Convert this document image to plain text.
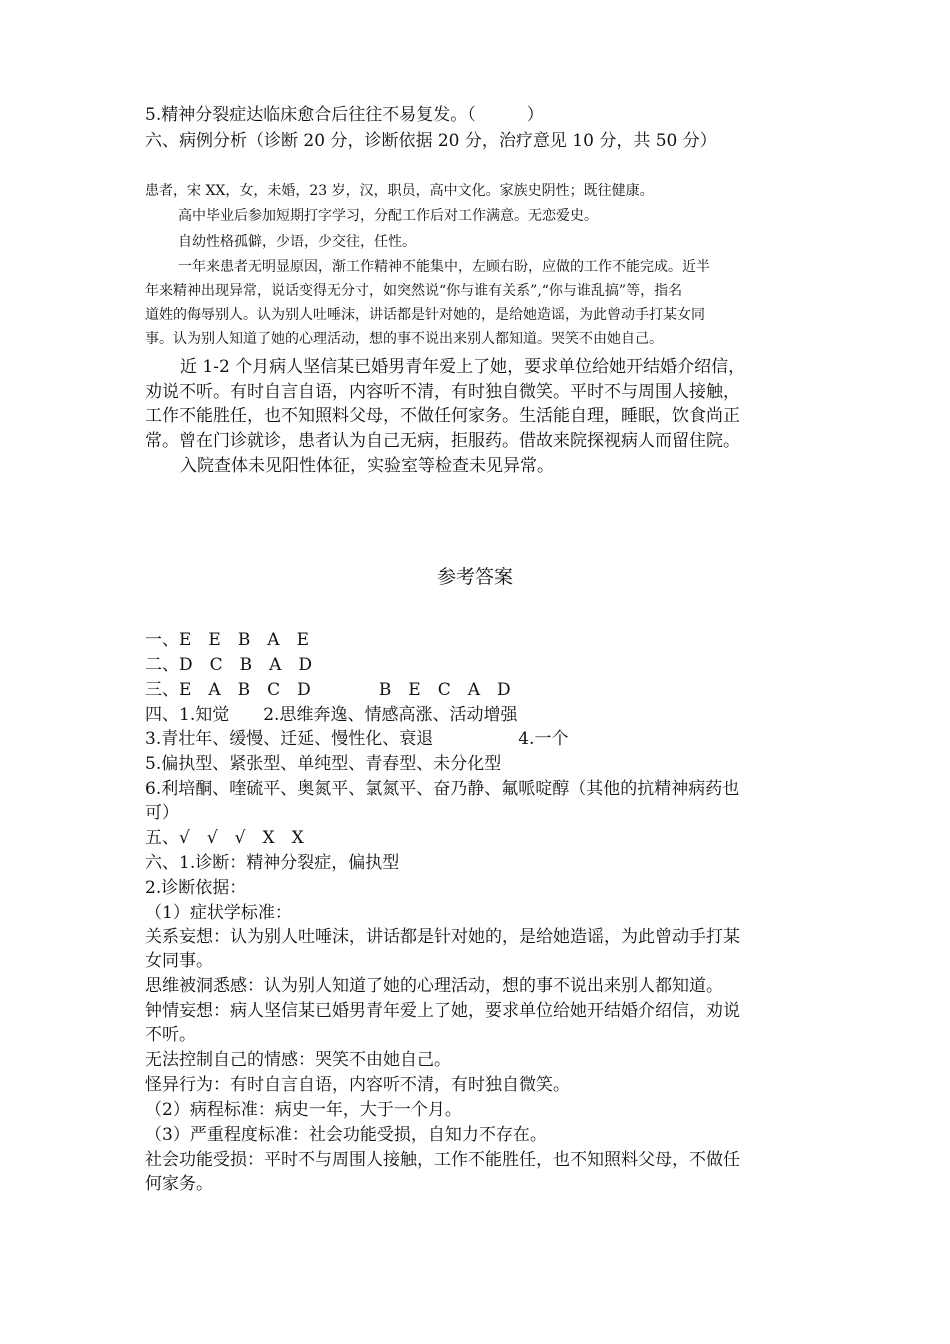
5.精神分裂症达临床愈合后往往不易复发。（　　　）

六、病例分析（诊断 20 分，诊断依据 20 分，治疗意见 10 分，共 50 分）

患者，宋 XX，女，未婚，23 岁，汉，职员，高中文化。家族史阴性；既往健康。

高中毕业后参加短期打字学习，分配工作后对工作满意。无恋爱史。

自幼性格孤僻，少语，少交往，任性。

一年来患者无明显原因，渐工作精神不能集中，左顾右盼，应做的工作不能完成。近半

年来精神出现异常，说话变得无分寸，如突然说“你与谁有关系”,“你与谁乱搞”等，指名

道姓的侮辱别人。认为别人吐唾沫，讲话都是针对她的，是给她造谣，为此曾动手打某女同

事。认为别人知道了她的心理活动，想的事不说出来别人都知道。哭笑不由她自己。

近 1-2 个月病人坚信某已婚男青年爱上了她，要求单位给她开结婚介绍信，

劝说不听。有时自言自语，内容听不清，有时独自微笑。平时不与周围人接触，

工作不能胜任，也不知照料父母，不做任何家务。生活能自理，睡眠，饮食尚正

常。曾在门诊就诊，患者认为自己无病，拒服药。借故来院探视病人而留住院。

入院查体未见阳性体征，实验室等检查未见异常。

参考答案

一、E　E　B　A　E

二、D　C　B　A　D

三、E　A　B　C　D　　　　B　E　C　A　D

四、1.知觉　　2.思维奔逸、情感高涨、活动增强

3.青壮年、缓慢、迁延、慢性化、衰退　　　　　4.一个

5.偏执型、紧张型、单纯型、青春型、未分化型

6.利培酮、喹硫平、奥氮平、氯氮平、奋乃静、氟哌啶醇（其他的抗精神病药也

可）

五、√　√　√　X　X

六、1.诊断：精神分裂症，偏执型

2.诊断依据：

（1）症状学标准：

关系妄想：认为别人吐唾沫，讲话都是针对她的，是给她造谣，为此曾动手打某

女同事。

思维被洞悉感：认为别人知道了她的心理活动，想的事不说出来别人都知道。

钟情妄想：病人坚信某已婚男青年爱上了她，要求单位给她开结婚介绍信，劝说

不听。

无法控制自己的情感：哭笑不由她自己。

怪异行为：有时自言自语，内容听不清，有时独自微笑。

（2）病程标准：病史一年，大于一个月。

（3）严重程度标准：社会功能受损，自知力不存在。

社会功能受损：平时不与周围人接触，工作不能胜任，也不知照料父母，不做任

何家务。
